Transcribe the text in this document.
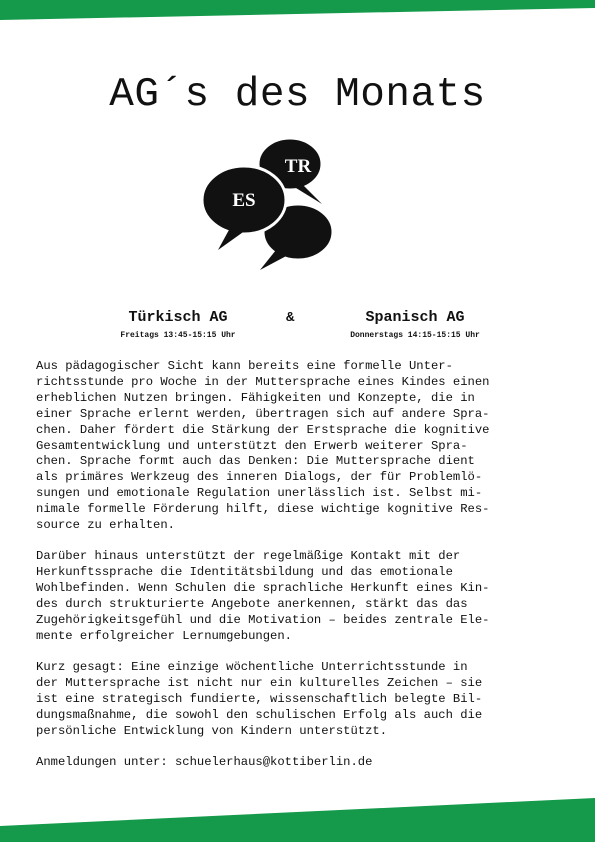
AG´s des Monats
TR
ES
Türkisch AG
Freitags 13:45-15:15 Uhr
&	Spanisch AG
Donnerstags 14:15-15:15 Uhr

Aus pädagogischer Sicht kann bereits eine formelle Unter-
richtsstunde pro Woche in der Muttersprache eines Kindes einen
erheblichen Nutzen bringen. Fähigkeiten und Konzepte, die in
einer Sprache erlernt werden, übertragen sich auf andere Spra-
chen. Daher fördert die Stärkung der Erstsprache die kognitive
Gesamtentwicklung und unterstützt den Erwerb weiterer Spra-
chen. Sprache formt auch das Denken: Die Muttersprache dient
als primäres Werkzeug des inneren Dialogs, der für Problemlö-
sungen und emotionale Regulation unerlässlich ist. Selbst mi-
nimale formelle Förderung hilft, diese wichtige kognitive Res-
source zu erhalten.

Darüber hinaus unterstützt der regelmäßige Kontakt mit der
Herkunftssprache die Identitätsbildung und das emotionale
Wohlbefinden. Wenn Schulen die sprachliche Herkunft eines Kin-
des durch strukturierte Angebote anerkennen, stärkt das das
Zugehörigkeitsgefühl und die Motivation – beides zentrale Ele-
mente erfolgreicher Lernumgebungen.

Kurz gesagt: Eine einzige wöchentliche Unterrichtsstunde in
der Muttersprache ist nicht nur ein kulturelles Zeichen – sie
ist eine strategisch fundierte, wissenschaftlich belegte Bil-
dungsmaßnahme, die sowohl den schulischen Erfolg als auch die
persönliche Entwicklung von Kindern unterstützt.

Anmeldungen unter: schuelerhaus@kottiberlin.de
